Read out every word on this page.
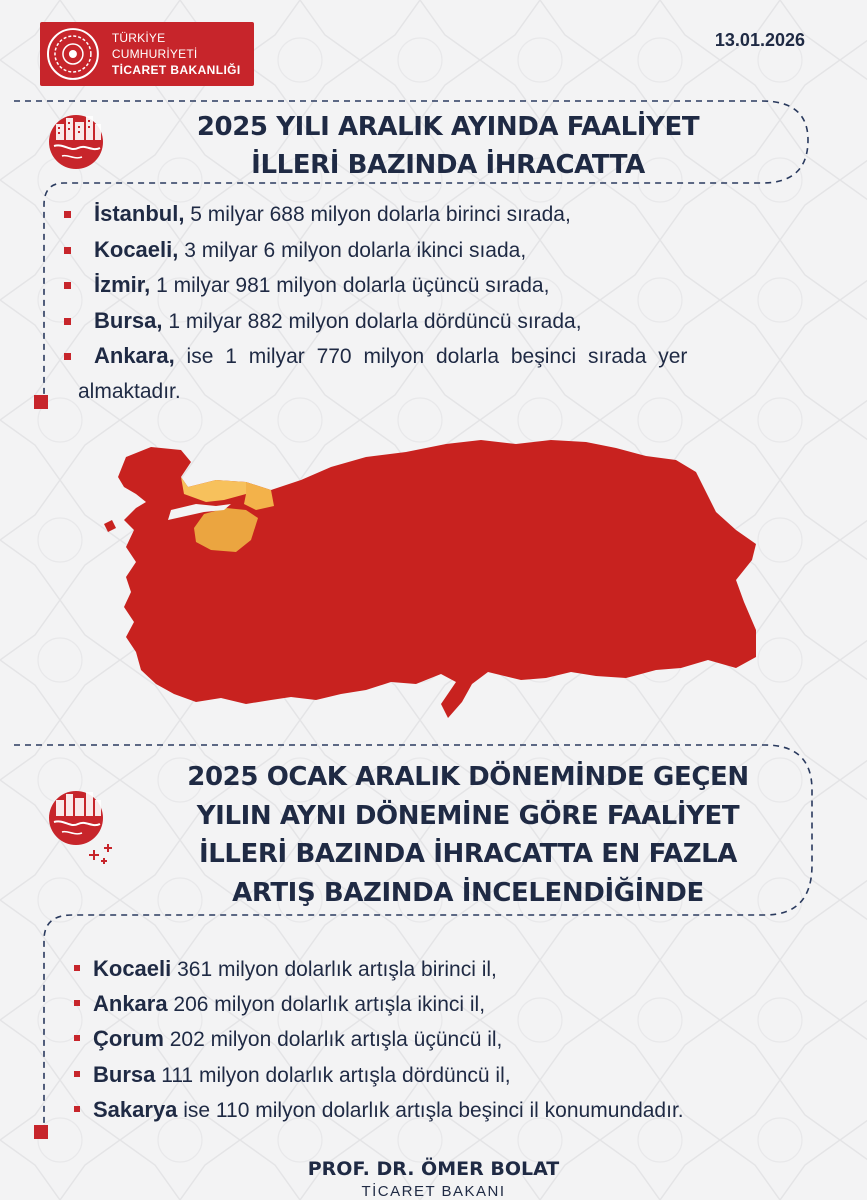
TÜRKİYE CUMHURİYETİ
TİCARET BAKANLIĞI
13.01.2026
2025 YILI ARALIK AYINDA FAALİYET
İLLERİ BAZINDA İHRACATTA
İstanbul, 5 milyar 688 milyon dolarla birinci sırada,
Kocaeli, 3 milyar 6 milyon dolarla ikinci sıada,
İzmir, 1 milyar 981 milyon dolarla üçüncü sırada,
Bursa, 1 milyar 882 milyon dolarla dördüncü sırada,
Ankara, ise 1 milyar 770 milyon dolarla beşinci sırada yer
almaktadır.
2025 OCAK ARALIK DÖNEMİNDE GEÇEN
YILIN AYNI DÖNEMİNE GÖRE FAALİYET
İLLERİ BAZINDA İHRACATTA EN FAZLA
ARTIŞ BAZINDA İNCELENDİĞİNDE
Kocaeli 361 milyon dolarlık artışla birinci il,
Ankara 206 milyon dolarlık artışla ikinci il,
Çorum 202 milyon dolarlık artışla üçüncü il,
Bursa 111 milyon dolarlık artışla dördüncü il,
Sakarya ise 110 milyon dolarlık artışla beşinci il konumundadır.
PROF. DR. ÖMER BOLAT
TİCARET BAKANI
